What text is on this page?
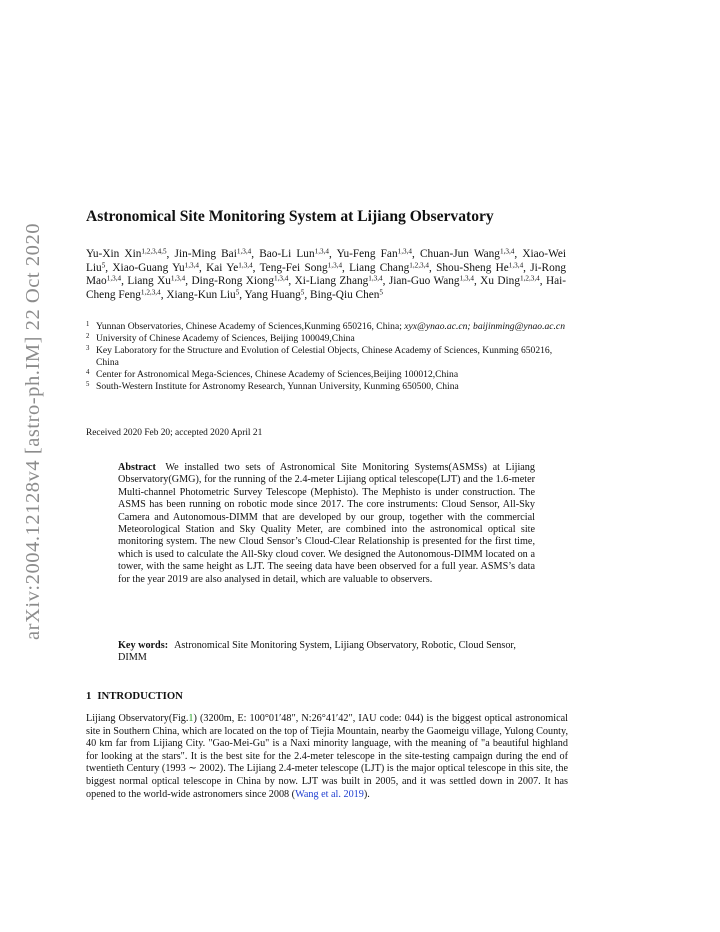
arXiv:2004.12128v4 [astro-ph.IM] 22 Oct 2020
Astronomical Site Monitoring System at Lijiang Observatory
Yu-Xin Xin$^{1,2,3,4,5}$, Jin-Ming Bai$^{1,3,4}$, Bao-Li Lun$^{1,3,4}$, Yu-Feng Fan$^{1,3,4}$, Chuan-Jun Wang$^{1,3,4}$, Xiao-Wei Liu$^5$, Xiao-Guang Yu$^{1,3,4}$, Kai Ye$^{1,3,4}$, Teng-Fei Song$^{1,3,4}$, Liang Chang$^{1,2,3,4}$, Shou-Sheng He$^{1,3,4}$, Ji-Rong Mao$^{1,3,4}$, Liang Xu$^{1,3,4}$, Ding-Rong Xiong$^{1,3,4}$, Xi-Liang Zhang$^{1,3,4}$, Jian-Guo Wang$^{1,3,4}$, Xu Ding$^{1,2,3,4}$, Hai-Cheng Feng$^{1,2,3,4}$, Xiang-Kun Liu$^5$, Yang Huang$^5$, Bing-Qiu Chen$^5$
1 Yunnan Observatories, Chinese Academy of Sciences,Kunming 650216, China; xyx@ynao.ac.cn; baijinming@ynao.ac.cn
2 University of Chinese Academy of Sciences, Beijing 100049,China
3 Key Laboratory for the Structure and Evolution of Celestial Objects, Chinese Academy of Sciences, Kunming 650216, China
4 Center for Astronomical Mega-Sciences, Chinese Academy of Sciences,Beijing 100012,China
5 South-Western Institute for Astronomy Research, Yunnan University, Kunming 650500, China
Received 2020 Feb 20; accepted 2020 April 21
Abstract We installed two sets of Astronomical Site Monitoring Systems(ASMSs) at Lijiang Observatory(GMG), for the running of the 2.4-meter Lijiang optical telescope(LJT) and the 1.6-meter Multi-channel Photometric Survey Telescope (Mephisto). The Mephisto is under construction. The ASMS has been running on robotic mode since 2017. The core instruments: Cloud Sensor, All-Sky Camera and Autonomous-DIMM that are developed by our group, together with the commercial Meteorological Station and Sky Quality Meter, are combined into the astronomical optical site monitoring system. The new Cloud Sensor’s Cloud-Clear Relationship is presented for the first time, which is used to calculate the All-Sky cloud cover. We designed the Autonomous-DIMM located on a tower, with the same height as LJT. The seeing data have been observed for a full year. ASMS’s data for the year 2019 are also analysed in detail, which are valuable to observers.
Key words: Astronomical Site Monitoring System, Lijiang Observatory, Robotic, Cloud Sensor, DIMM
1 INTRODUCTION
Lijiang Observatory(Fig.1) (3200m, E: 100°01′48″, N:26°41′42″, IAU code: 044) is the biggest optical astronomical site in Southern China, which are located on the top of Tiejia Mountain, nearby the Gaomeigu village, Yulong County, 40 km far from Lijiang City. "Gao-Mei-Gu" is a Naxi minority language, with the meaning of "a beautiful highland for looking at the stars". It is the best site for the 2.4-meter telescope in the site-testing campaign during the end of twentieth Century (1993 ∼ 2002). The Lijiang 2.4-meter telescope (LJT) is the major optical telescope in this site, the biggest normal optical telescope in China by now. LJT was built in 2005, and it was settled down in 2007. It has opened to the world-wide astronomers since 2008 (Wang et al. 2019).
